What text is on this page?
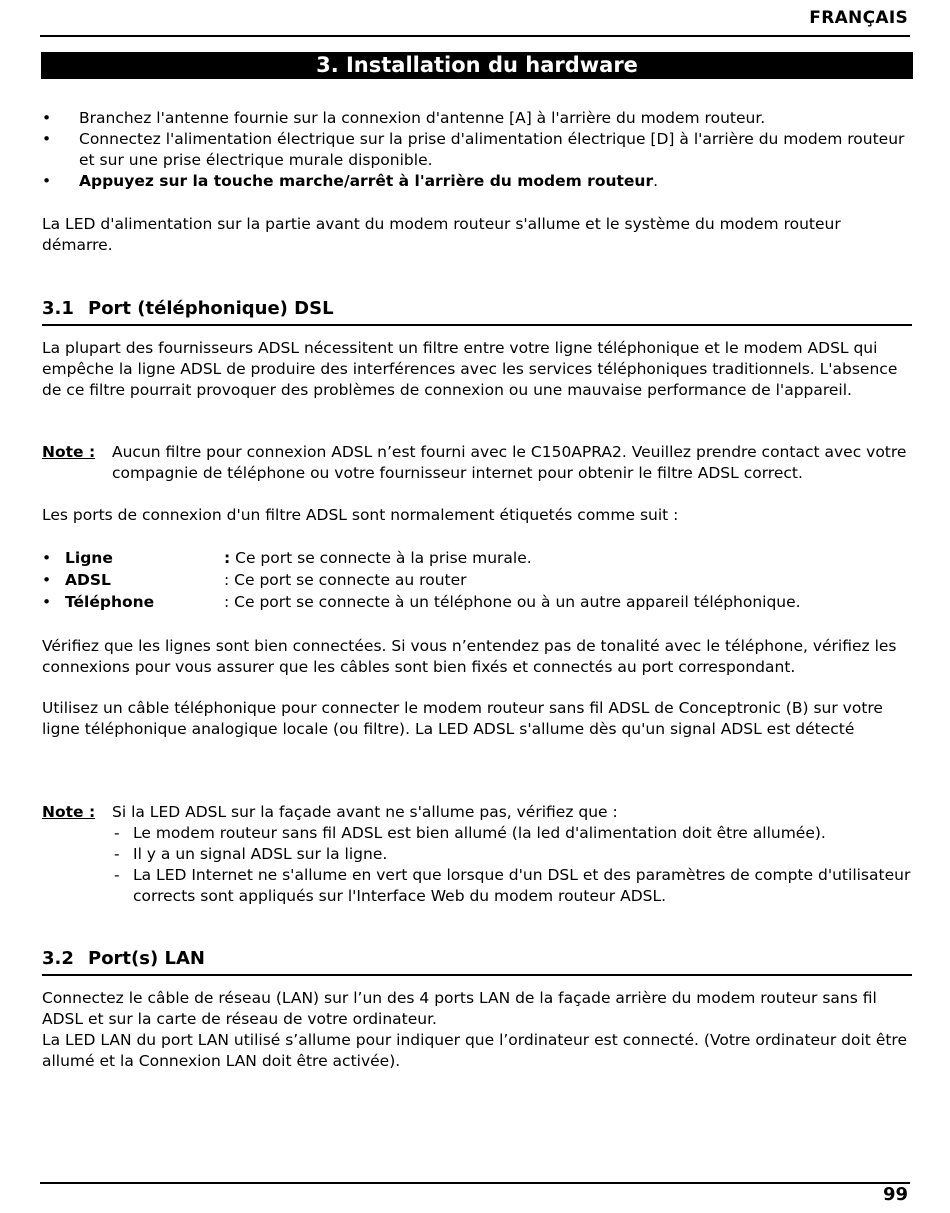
FRANÇAIS
3. Installation du hardware
• Branchez l'antenne fournie sur la connexion d'antenne [A] à l'arrière du modem routeur.
• Connectez l'alimentation électrique sur la prise d'alimentation électrique [D] à l'arrière du modem routeur et sur une prise électrique murale disponible.
• Appuyez sur la touche marche/arrêt à l'arrière du modem routeur.
La LED d'alimentation sur la partie avant du modem routeur s'allume et le système du modem routeur démarre.
3.1 Port (téléphonique) DSL
La plupart des fournisseurs ADSL nécessitent un filtre entre votre ligne téléphonique et le modem ADSL qui empêche la ligne ADSL de produire des interférences avec les services téléphoniques traditionnels. L'absence de ce filtre pourrait provoquer des problèmes de connexion ou une mauvaise performance de l'appareil.
Note : Aucun filtre pour connexion ADSL n’est fourni avec le C150APRA2. Veuillez prendre contact avec votre compagnie de téléphone ou votre fournisseur internet pour obtenir le filtre ADSL correct.
Les ports de connexion d'un filtre ADSL sont normalement étiquetés comme suit :
• Ligne	: Ce port se connecte à la prise murale.
• ADSL	: Ce port se connecte au router
• Téléphone	: Ce port se connecte à un téléphone ou à un autre appareil téléphonique.
Vérifiez que les lignes sont bien connectées. Si vous n’entendez pas de tonalité avec le téléphone, vérifiez les connexions pour vous assurer que les câbles sont bien fixés et connectés au port correspondant.
Utilisez un câble téléphonique pour connecter le modem routeur sans fil ADSL de Conceptronic (B) sur votre ligne téléphonique analogique locale (ou filtre). La LED ADSL s'allume dès qu'un signal ADSL est détecté
Note : Si la LED ADSL sur la façade avant ne s'allume pas, vérifiez que :
- Le modem routeur sans fil ADSL est bien allumé (la led d'alimentation doit être allumée).
- Il y a un signal ADSL sur la ligne.
- La LED Internet ne s'allume en vert que lorsque d'un DSL et des paramètres de compte d'utilisateur corrects sont appliqués sur l'Interface Web du modem routeur ADSL.
3.2 Port(s) LAN
Connectez le câble de réseau (LAN) sur l’un des 4 ports LAN de la façade arrière du modem routeur sans fil ADSL et sur la carte de réseau de votre ordinateur.
La LED LAN du port LAN utilisé s’allume pour indiquer que l’ordinateur est connecté. (Votre ordinateur doit être allumé et la Connexion LAN doit être activée).
99
